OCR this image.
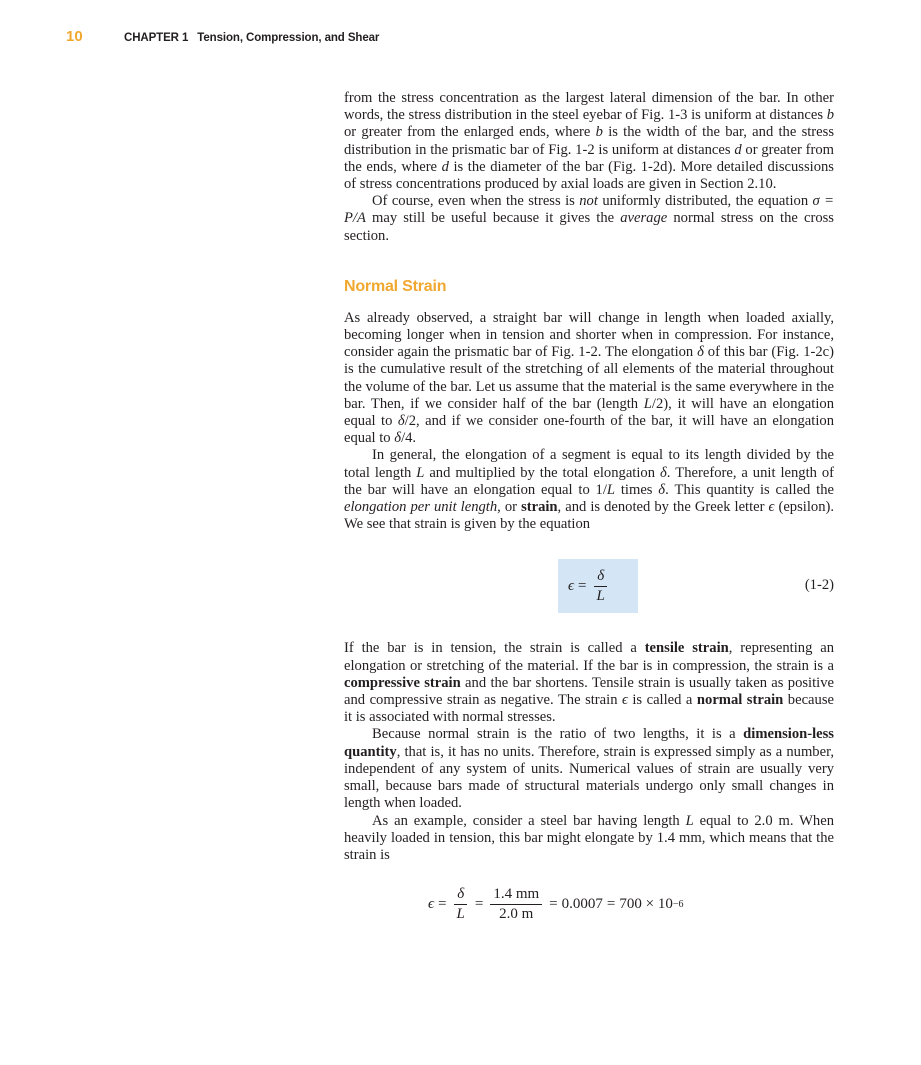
10	CHAPTER 1 Tension, Compression, and Shear

from the stress concentration as the largest lateral dimension of the bar. In other words, the stress distribution in the steel eyebar of Fig. 1-3 is uniform at distances b or greater from the enlarged ends, where b is the width of the bar, and the stress distribution in the prismatic bar of Fig. 1-2 is uniform at distances d or greater from the ends, where d is the diameter of the bar (Fig. 1-2d). More detailed discussions of stress concentrations produced by axial loads are given in Section 2.10.

Of course, even when the stress is not uniformly distributed, the equation σ = P/A may still be useful because it gives the average normal stress on the cross section.

Normal Strain

As already observed, a straight bar will change in length when loaded axially, becoming longer when in tension and shorter when in compression. For instance, consider again the prismatic bar of Fig. 1-2. The elongation δ of this bar (Fig. 1-2c) is the cumulative result of the stretching of all elements of the material throughout the volume of the bar. Let us assume that the material is the same everywhere in the bar. Then, if we consider half of the bar (length L/2), it will have an elongation equal to δ/2, and if we consider one-fourth of the bar, it will have an elongation equal to δ/4.

In general, the elongation of a segment is equal to its length divided by the total length L and multiplied by the total elongation δ. Therefore, a unit length of the bar will have an elongation equal to 1/L times δ. This quantity is called the elongation per unit length, or strain, and is denoted by the Greek letter ϵ (epsilon). We see that strain is given by the equation

$\epsilon = \frac{\delta}{L}$	(1-2)

If the bar is in tension, the strain is called a tensile strain, representing an elongation or stretching of the material. If the bar is in compression, the strain is a compressive strain and the bar shortens. Tensile strain is usually taken as positive and compressive strain as negative. The strain ϵ is called a normal strain because it is associated with normal stresses.

Because normal strain is the ratio of two lengths, it is a dimension-less quantity, that is, it has no units. Therefore, strain is expressed simply as a number, independent of any system of units. Numerical values of strain are usually very small, because bars made of structural materials undergo only small changes in length when loaded.

As an example, consider a steel bar having length L equal to 2.0 m. When heavily loaded in tension, this bar might elongate by 1.4 mm, which means that the strain is

$\epsilon = \frac{\delta}{L} = \frac{1.4 mm}{2.0 m} = 0.0007 = 700 \times 10 -6$
